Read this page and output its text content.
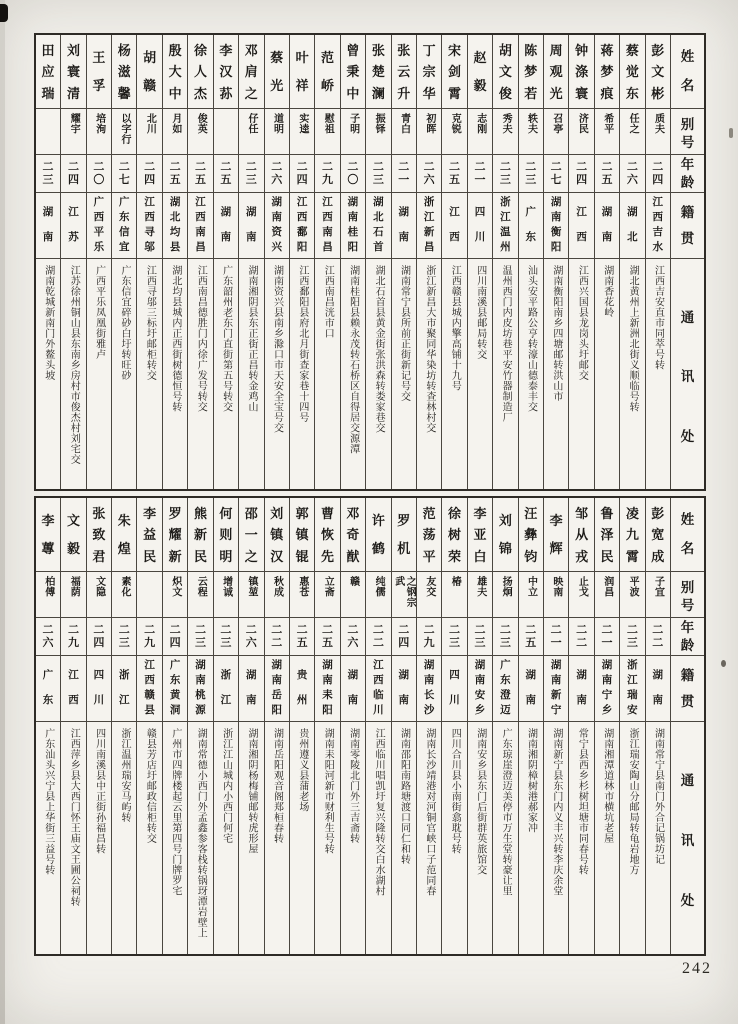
姓
名
别
号
年
龄
籍
贯
通
讯
处
彭
文
彬
质夫
二
四
江
西
吉
水
江西吉安直市同萃号转
蔡
觉
东
任之
二
六
湖
北
湖北黄州上新洲北街义顺临号转
蒋
梦
痕
希平
二
五
湖
南
湖南香花岭
钟
涤
寰
济民
二
四
江
西
江西兴国县龙岗头圩邮交
周
观
光
召亭
二
七
湖
南
衡
阳
湖南衡阳南乡四塘邮转洪山市
陈
梦
若
轶夫
二
三
广
东
汕头安平路公亨转濠山德泰丰交
胡
文
俊
秀夫
二
三
浙
江
温
州
温州西门内皮坊巷平安竹器制造厂
赵
毅
志刚
二
一
四
川
四川南溪县邮局转交
宋
剑
霄
克锐
二
五
江
西
江西赣县城内擎高铺十九号
丁
宗
华
初晖
二
六
浙
江
新
昌
浙江新昌大市聚同华染坊转查林村交
张
云
升
青白
二
一
湖
南
湖南常宁县所前正街新记号交
张
楚
澜
振铎
二
三
湖
北
石
首
湖北石首县黄金街张洪森转娄家巷交
曾
秉
中
子明
二
〇
湖
南
桂
阳
湖南桂阳县赖永茂转石桥区自得居交源潭
范
峤
慰祖
二
九
江
西
南
昌
江西南昌洸市口
叶
祥
实逵
二
四
江
西
鄱
阳
江西鄱阳县府北月街查家巷十四号
蔡
光
道明
二
六
湖
南
资
兴
湖南资兴县南乡滁口市天安全宝号交
邓
肩
之
仔任
二
三
湖
南
湖南湘阴县东正街正昌转金鸡山
李
汉
荪
二
五
湖
南
广东韶州老东门直街第五号转交
徐
人
杰
俊英
二
五
江
西
南
昌
江西南昌德胜门内徐广发号转交
殷
大
中
月如
二
五
湖
北
均
县
湖北均县城内正西街树德恒号转
胡
赣
北川
二
四
江
西
寻
邬
江西寻邬三标圩邮柜转交
杨
滋
馨
以字行
二
七
广
东
信
宜
广东信宜碎砂白圩转旺砂
王
孚
培洵
二
〇
广
西
平
乐
广西平乐凤凰街雅卢
刘
寰
清
耀宇
二
四
江
苏
江苏徐州铜山县东南乡房村市俊杰村刘宅交
田
应
瑞
二
三
湖
南
湖南乾城新南门外鳌头坡
姓
名
别
号
年
龄
籍
贯
通
讯
处
彭
宽
成
子宜
二
二
湖
南
湖南常宁县南门外合记锅坊记
凌
九
霄
平波
二
三
浙
江
瑞
安
浙江瑞安陶山分邮局转龟岩地方
鲁
泽
民
润昌
二
一
湖
南
宁
乡
湖南湘潭道林市横坑老屋
邹
从
戎
止戈
二
二
湖
南
常宁县西乡杉树坦塘市同春号转
李
辉
映南
二
一
湖
南
新
宁
湖南新宁县东门内义丰兴转李庆余堂
汪
彝
钧
中立
二
五
湖
南
湖南湘阴樟树港郝家冲
刘
锦
扬炯
二
三
广
东
澄
迈
广东琼崖澄迈美停市万生堂转豪让里
李
亚
白
雄夫
二
三
湖
南
安
乡
湖南安乡县东门后街群英旅馆交
徐
树
荣
椿
二
三
四
川
四川合川县小南街翕耽号转
范
荡
平
友交
二
九
湖
南
长
沙
湖南长沙靖港对河铜官峡口子范同春
罗
机
之钢宗武
二
四
湖
南
湖南邵阳南路塘渡口同仁和转
许
鹤
纯儒
二
二
江
西
临
川
江西临川唱凯圩复兴隆转交白水湖村
邓
奇
猷
赣
二
六
湖
南
湖南零陵北门外三吉斋转
曹
恢
先
立斋
二
五
湖
南
耒
阳
湖南耒阳河新市财利生号转
郭
镇
锟
惠苍
二
五
贵
州
贵州遵义县蒲老场
刘
镇
汉
秋成
二
二
湖
南
岳
阳
湖南岳阳观音阁郑桓春转
邵
一
之
镇堃
二
六
湖
南
湖南湘阴杨梅铺邮转虎形屋
何
则
明
增诚
二
三
浙
江
浙江江山城内小西门何宅
熊
新
民
云程
二
三
湖
南
桃
源
湖南常德小西门外孟鑫参客栈转锅玡潭岩壁上
罗
耀
新
炽文
二
四
广
东
黄
洞
广州市四牌楼起云里第四号门牌罗宅
李
益
民
二
九
江
西
赣
县
赣县芳店圩邮政信柜转交
朱
煌
素化
二
三
浙
江
浙江温州瑞安马屿转
张
致
君
文隐
二
四
四
川
四川南溪县中正街孙福昌转
文
毅
福荫
二
九
江
西
江西萍乡县大西门怀王庙文王圃公祠转
李
蓴
柏傅
二
六
广
东
广东汕头兴宁县上华街三益号转
242
